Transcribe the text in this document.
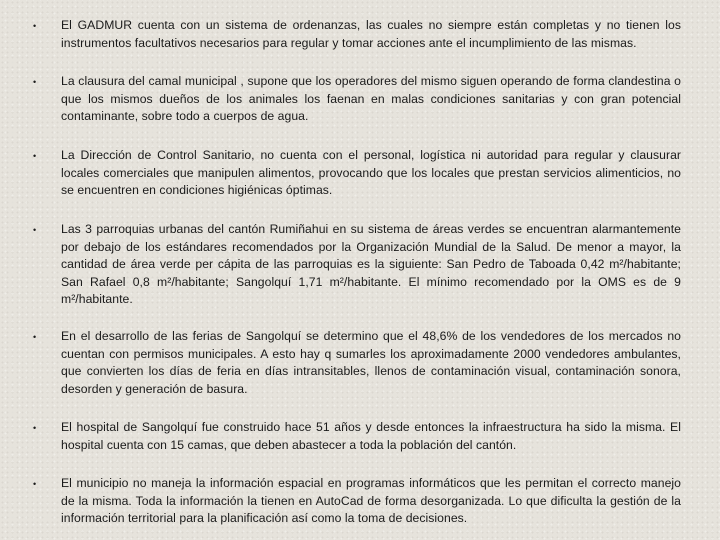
• El GADMUR cuenta con un sistema de ordenanzas, las cuales no siempre están completas y no tienen los instrumentos facultativos necesarios para regular y tomar acciones ante el incumplimiento de las mismas.

• La clausura del camal municipal , supone que los operadores del mismo siguen operando de forma clandestina o que los mismos dueños de los animales los faenan en malas condiciones sanitarias y con gran potencial contaminante, sobre todo a cuerpos de agua.

• La Dirección de Control Sanitario, no cuenta con el personal, logística ni autoridad para regular y clausurar locales comerciales que manipulen alimentos, provocando que los locales que prestan servicios alimenticios, no se encuentren en condiciones higiénicas óptimas.

• Las 3 parroquias urbanas del cantón Rumiñahui en su sistema de áreas verdes se encuentran alarmantemente por debajo de los estándares recomendados por la Organización Mundial de la Salud. De menor a mayor, la cantidad de área verde per cápita de las parroquias es la siguiente: San Pedro de Taboada 0,42 m²/habitante; San Rafael 0,8 m²/habitante; Sangolquí 1,71 m²/habitante. El mínimo recomendado por la OMS es de 9 m²/habitante.

• En el desarrollo de las ferias de Sangolquí se determino que el 48,6% de los vendedores de los mercados no cuentan con permisos municipales. A esto hay q sumarles los aproximadamente 2000 vendedores ambulantes, que convierten los días de feria en días intransitables, llenos de contaminación visual, contaminación sonora, desorden y generación de basura.

• El hospital de Sangolquí fue construido hace 51 años y desde entonces la infraestructura ha sido la misma. El hospital cuenta con 15 camas, que deben abastecer a toda la población del cantón.

• El municipio no maneja la información espacial en programas informáticos que les permitan el correcto manejo de la misma. Toda la información la tienen en AutoCad de forma desorganizada. Lo que dificulta la gestión de la información territorial para la planificación así como la toma de decisiones.
